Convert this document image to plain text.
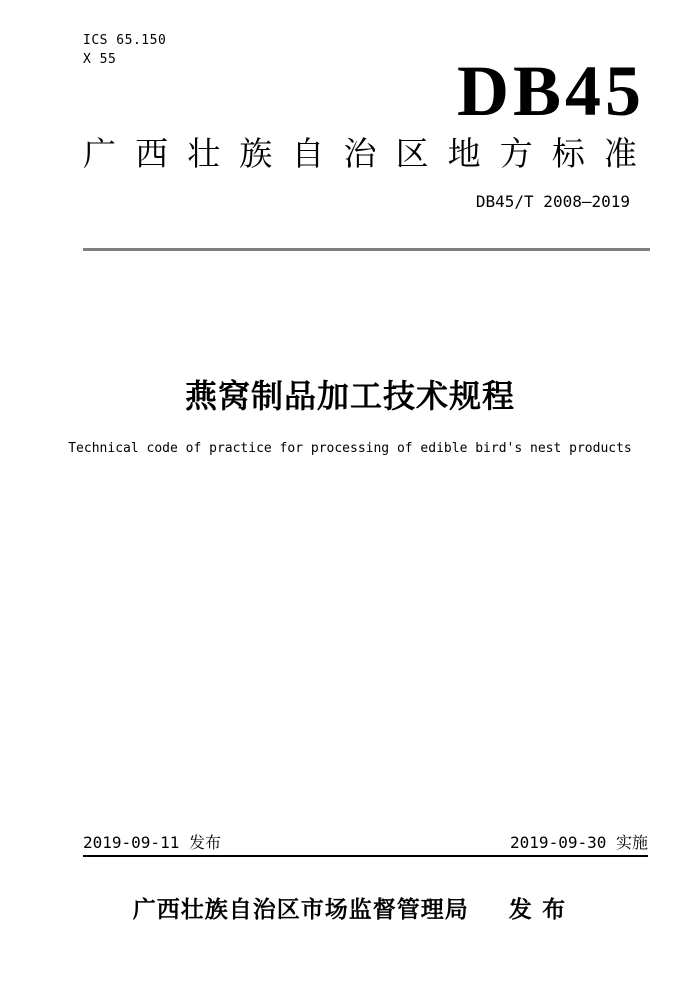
ICS 65.150
X 55	DB45
广 西 壮 族 自 治 区 地 方 标 准
DB45/T 2008—2019
燕窝制品加工技术规程
Technical code of practice for processing of edible bird's nest products
2019-09-11 发布	2019-09-30 实施
广西壮族自治区市场监督管理局 发 布
